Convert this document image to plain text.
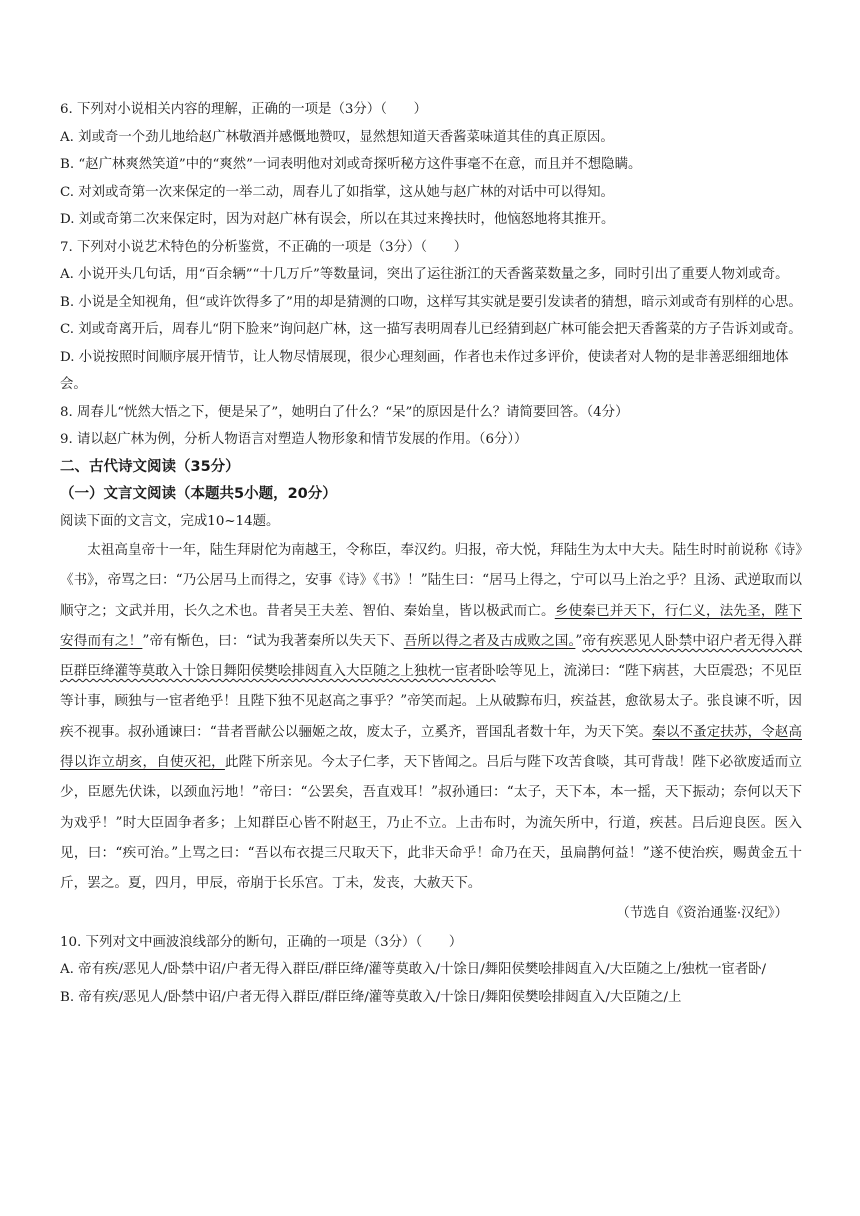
6. 下列对小说相关内容的理解，正确的一项是（3分）（　　）

A. 刘或奇一个劲儿地给赵广林敬酒并感慨地赞叹，显然想知道天香酱菜味道其佳的真正原因。

B. “赵广林爽然笑道”中的“爽然”一词表明他对刘或奇探听秘方这件事毫不在意，而且并不想隐瞒。

C. 对刘或奇第一次来保定的一举二动，周春儿了如指掌，这从她与赵广林的对话中可以得知。

D. 刘或奇第二次来保定时，因为对赵广林有误会，所以在其过来搀扶时，他恼怒地将其推开。

7. 下列对小说艺术特色的分析鉴赏，不正确的一项是（3分）（　　）

A. 小说开头几句话，用“百余辆”“十几万斤”等数量词，突出了运往浙江的天香酱菜数量之多，同时引出了重要人物刘或奇。

B. 小说是全知视角，但“或许饮得多了”用的却是猜测的口吻，这样写其实就是要引发读者的猜想，暗示刘或奇有别样的心思。

C. 刘或奇离开后，周春儿“阴下脸来”询问赵广林，这一描写表明周春儿已经猜到赵广林可能会把天香酱菜的方子告诉刘或奇。

D. 小说按照时间顺序展开情节，让人物尽情展现，很少心理刻画，作者也未作过多评价，使读者对人物的是非善恶细细地体会。

8. 周春儿“恍然大悟之下，便是呆了”，她明白了什么？“呆”的原因是什么？请简要回答。（4分）

9. 请以赵广林为例，分析人物语言对塑造人物形象和情节发展的作用。（6分））

二、古代诗文阅读（35分）
（一）文言文阅读（本题共5小题，20分）

阅读下面的文言文，完成10~14题。

太祖高皇帝十一年，陆生拜尉佗为南越王，令称臣，奉汉约。归报，帝大悦，拜陆生为太中大夫。陆生时时前说称《诗》《书》，帝骂之曰：“乃公居马上而得之，安事《诗》《书》！”陆生曰：“居马上得之，宁可以马上治之乎？且汤、武逆取而以顺守之；文武并用，长久之术也。昔者吴王夫差、智伯、秦始皇，皆以极武而亡。乡使秦已并天下，行仁义，法先圣，陛下安得而有之！”帝有惭色，曰：“试为我著秦所以失天下、吾所以得之者及古成败之国。”帝有疾恶见人卧禁中诏户者无得入群臣群臣绛灌等莫敢入十馀日舞阳侯樊哙排闼直入大臣随之上独枕一宦者卧哙等见上，流涕曰：“陛下病甚，大臣震恐；不见臣等计事，顾独与一宦者绝乎！且陛下独不见赵高之事乎？”帝笑而起。上从破黥布归，疾益甚，愈欲易太子。张良谏不听，因疾不视事。叔孙通谏曰：“昔者晋献公以骊姬之故，废太子，立奚齐，晋国乱者数十年，为天下笑。秦以不蚤定扶苏，令赵高得以诈立胡亥，自使灭祀，此陛下所亲见。今太子仁孝，天下皆闻之。吕后与陛下攻苦食啖，其可背哉！陛下必欲废适而立少，臣愿先伏诛，以颈血污地！”帝曰：“公罢矣，吾直戏耳！”叔孙通曰：“太子，天下本，本一摇，天下振动；奈何以天下为戏乎！”时大臣固争者多；上知群臣心皆不附赵王，乃止不立。上击布时，为流矢所中，行道，疾甚。吕后迎良医。医入见，曰：“疾可治。”上骂之曰：“吾以布衣提三尺取天下，此非天命乎！命乃在天，虽扁鹊何益！”遂不使治疾，赐黄金五十斤，罢之。夏，四月，甲辰，帝崩于长乐宫。丁未，发丧，大赦天下。

（节选自《资治通鉴·汉纪》）

10. 下列对文中画波浪线部分的断句，正确的一项是（3分）（　　）

A. 帝有疾/恶见人/卧禁中诏/户者无得入群臣/群臣绛/灌等莫敢入/十馀日/舞阳侯樊哙排闼直入/大臣随之上/独枕一宦者卧/

B. 帝有疾/恶见人/卧禁中诏/户者无得入群臣/群臣绛/灌等莫敢入/十馀日/舞阳侯樊哙排闼直入/大臣随之/上
